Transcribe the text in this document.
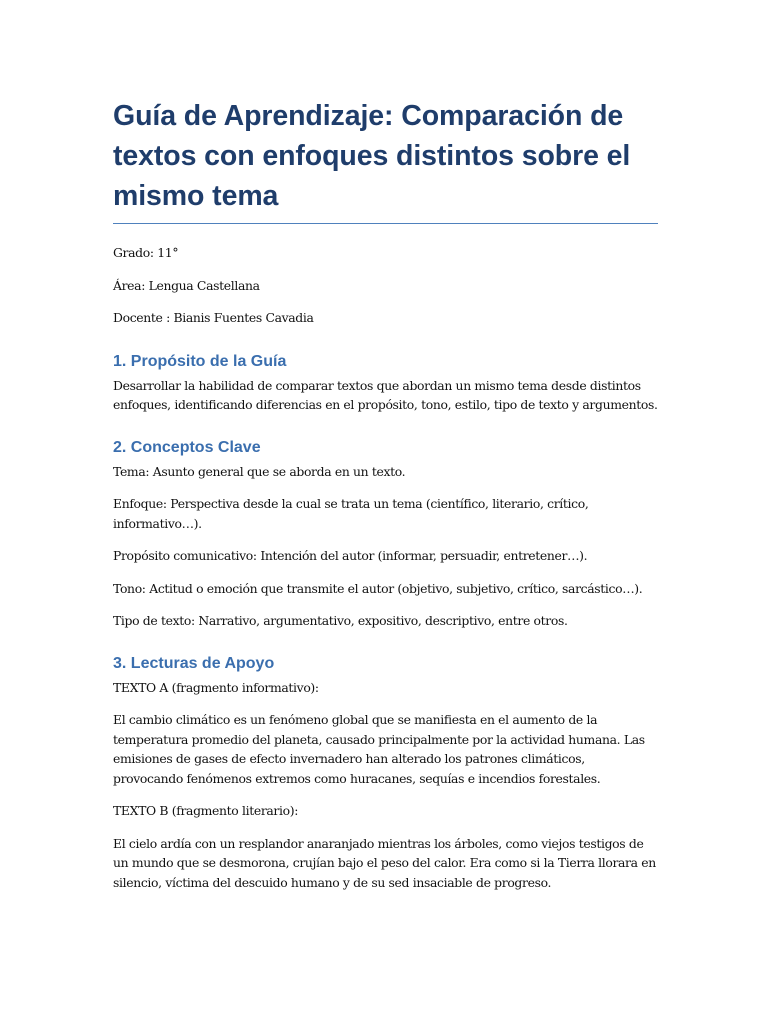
Guía de Aprendizaje: Comparación de textos con enfoques distintos sobre el mismo tema

Grado: 11°

Área: Lengua Castellana

Docente : Bianis Fuentes Cavadia

1. Propósito de la Guía

Desarrollar la habilidad de comparar textos que abordan un mismo tema desde distintos enfoques, identificando diferencias en el propósito, tono, estilo, tipo de texto y argumentos.

2. Conceptos Clave

Tema: Asunto general que se aborda en un texto.

Enfoque: Perspectiva desde la cual se trata un tema (científico, literario, crítico, informativo…).

Propósito comunicativo: Intención del autor (informar, persuadir, entretener…).

Tono: Actitud o emoción que transmite el autor (objetivo, subjetivo, crítico, sarcástico…).

Tipo de texto: Narrativo, argumentativo, expositivo, descriptivo, entre otros.

3. Lecturas de Apoyo

TEXTO A (fragmento informativo):

El cambio climático es un fenómeno global que se manifiesta en el aumento de la temperatura promedio del planeta, causado principalmente por la actividad humana. Las emisiones de gases de efecto invernadero han alterado los patrones climáticos, provocando fenómenos extremos como huracanes, sequías e incendios forestales.

TEXTO B (fragmento literario):

El cielo ardía con un resplandor anaranjado mientras los árboles, como viejos testigos de un mundo que se desmorona, crujían bajo el peso del calor. Era como si la Tierra llorara en silencio, víctima del descuido humano y de su sed insaciable de progreso.
